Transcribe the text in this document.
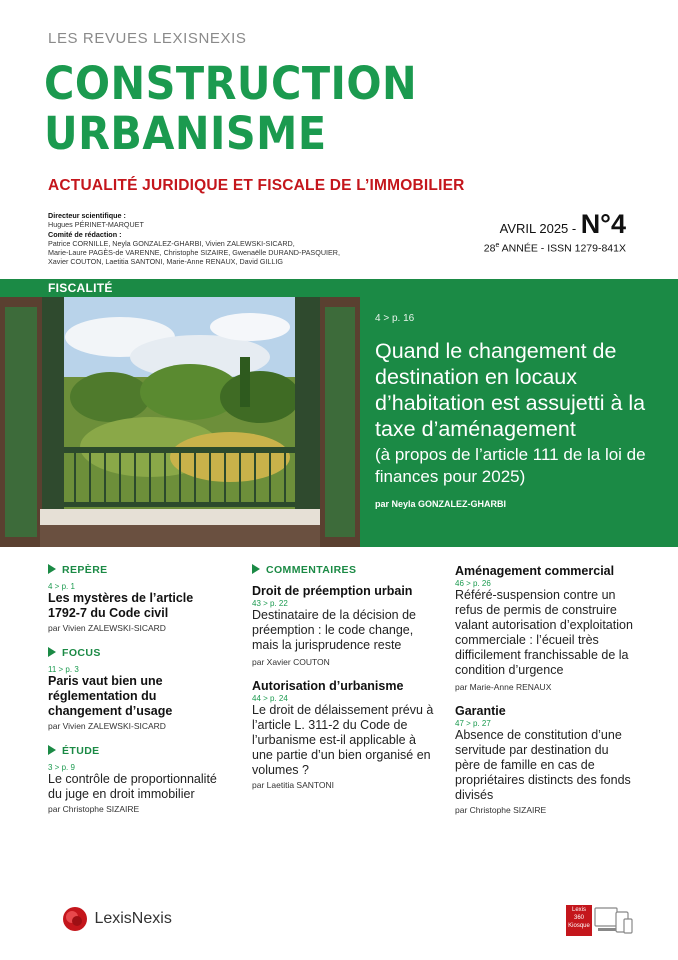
LES REVUES LEXISNEXIS
CONSTRUCTION
URBANISME
ACTUALITÉ JURIDIQUE ET FISCALE DE L’IMMOBILIER
Directeur scientifique :
Hugues PÉRINET-MARQUET
Comité de rédaction :
Patrice CORNILLE, Neyla GONZALEZ-GHARBI, Vivien ZALEWSKI-SICARD,
Marie-Laure PAGÈS-de VARENNE, Christophe SIZAIRE, Gwenaëlle DURAND-PASQUIER,
Xavier COUTON, Laetitia SANTONI, Marie-Anne RENAUX, David GILLIG
AVRIL 2025 - N°4
28e ANNÉE - ISSN 1279-841X
FISCALITÉ
4 > p. 16
Quand le changement de destination en locaux d’habitation est assujetti à la taxe d’aménagement
(à propos de l’article 111 de la loi de finances pour 2025)
par Neyla GONZALEZ-GHARBI
REPÈRE
4 > p. 1
Les mystères de l’article 1792-7 du Code civil
par Vivien ZALEWSKI-SICARD
FOCUS
11 > p. 3
Paris vaut bien une réglementation du changement d’usage
par Vivien ZALEWSKI-SICARD
ÉTUDE
3 > p. 9
Le contrôle de proportionnalité du juge en droit immobilier
par Christophe SIZAIRE
COMMENTAIRES
Droit de préemption urbain
43 > p. 22
Destinataire de la décision de préemption : le code change, mais la jurisprudence reste
par Xavier COUTON
Autorisation d’urbanisme
44 > p. 24
Le droit de délaissement prévu à l’article L. 311-2 du Code de l’urbanisme est-il applicable à une partie d’un bien organisé en volumes ?
par Laetitia SANTONI
Aménagement commercial
46 > p. 26
Référé-suspension contre un refus de permis de construire valant autorisation d’exploitation commerciale : l’écueil très difficilement franchissable de la condition d’urgence
par Marie-Anne RENAUX
Garantie
47 > p. 27
Absence de constitution d’une servitude par destination du père de famille en cas de propriétaires distincts des fonds divisés
par Christophe SIZAIRE
LexisNexis	Lexis
360
Kiosque
